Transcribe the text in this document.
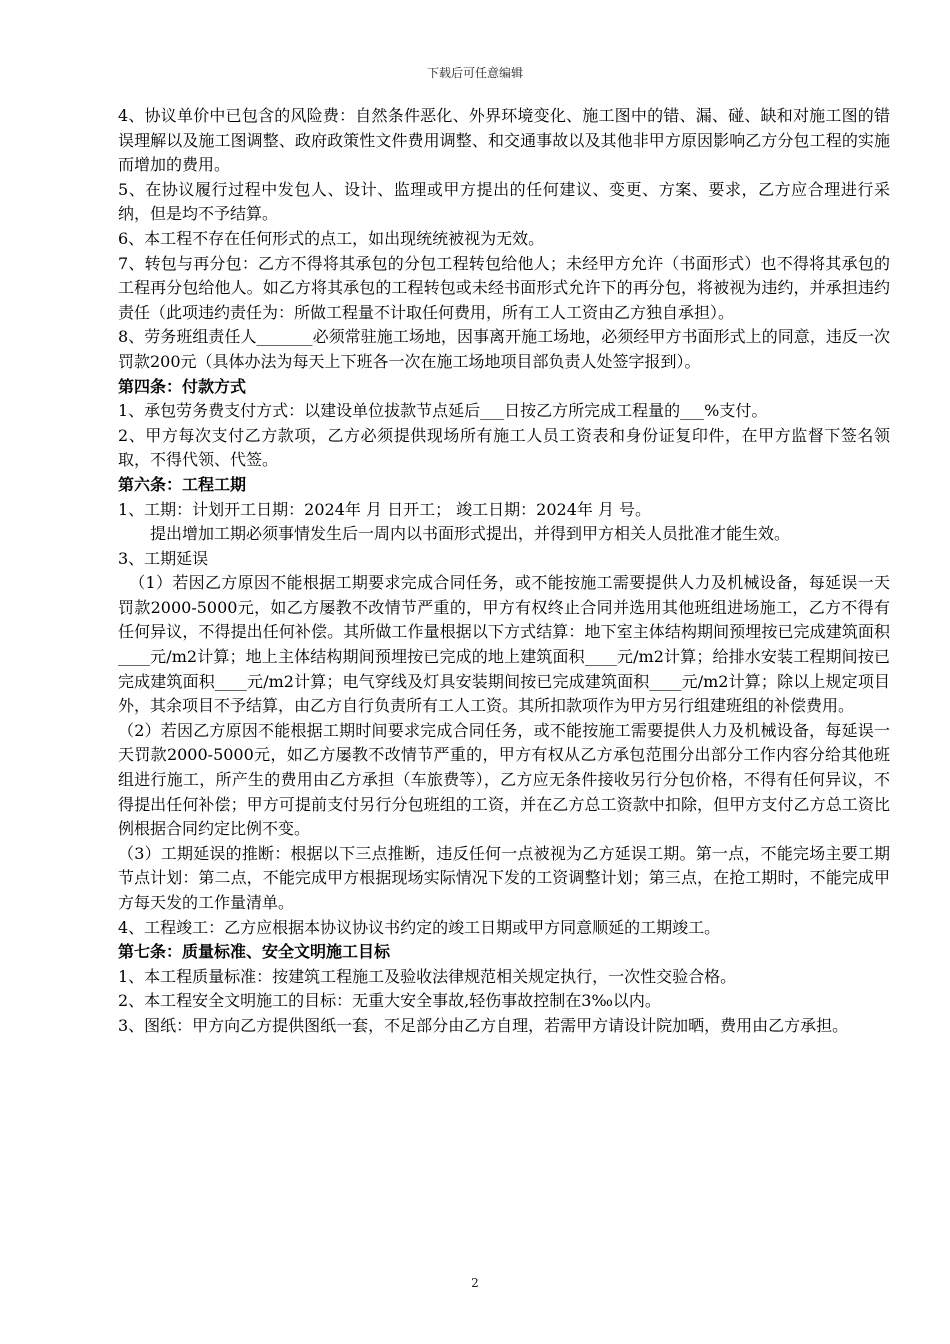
下载后可任意编辑

4、协议单价中已包含的风险费：自然条件恶化、外界环境变化、施工图中的错、漏、碰、缺和对施工图的错误理解以及施工图调整、政府政策性文件费用调整、和交通事故以及其他非甲方原因影响乙方分包工程的实施而增加的费用。

5、在协议履行过程中发包人、设计、监理或甲方提出的任何建议、变更、方案、要求，乙方应合理进行采纳，但是均不予结算。

6、本工程不存在任何形式的点工，如出现统统被视为无效。

7、转包与再分包：乙方不得将其承包的分包工程转包给他人；未经甲方允许（书面形式）也不得将其承包的工程再分包给他人。如乙方将其承包的工程转包或未经书面形式允许下的再分包，将被视为违约，并承担违约责任（此项违约责任为：所做工程量不计取任何费用，所有工人工资由乙方独自承担）。

8、劳务班组责任人_______必须常驻施工场地，因事离开施工场地，必须经甲方书面形式上的同意，违反一次罚款200元（具体办法为每天上下班各一次在施工场地项目部负责人处签字报到）。

第四条：付款方式

1、承包劳务费支付方式：以建设单位拔款节点延后___日按乙方所完成工程量的___%支付。

2、甲方每次支付乙方款项，乙方必须提供现场所有施工人员工资表和身份证复印件，在甲方监督下签名领取，不得代领、代签。

第六条：工程工期

1、工期：计划开工日期：2024年 月 日开工； 竣工日期：2024年 月 号。

提出增加工期必须事情发生后一周内以书面形式提出，并得到甲方相关人员批准才能生效。

3、工期延误

（1）若因乙方原因不能根据工期要求完成合同任务，或不能按施工需要提供人力及机械设备，每延误一天罚款2000-5000元，如乙方屡教不改情节严重的，甲方有权终止合同并选用其他班组进场施工，乙方不得有任何异议，不得提出任何补偿。其所做工作量根据以下方式结算：地下室主体结构期间预埋按已完成建筑面积____元/m2计算；地上主体结构期间预埋按已完成的地上建筑面积____元/m2计算；给排水安装工程期间按已完成建筑面积____元/m2计算；电气穿线及灯具安装期间按已完成建筑面积____元/m2计算；除以上规定项目外，其余项目不予结算，由乙方自行负责所有工人工资。其所扣款项作为甲方另行组建班组的补偿费用。

（2）若因乙方原因不能根据工期时间要求完成合同任务，或不能按施工需要提供人力及机械设备，每延误一天罚款2000-5000元，如乙方屡教不改情节严重的，甲方有权从乙方承包范围分出部分工作内容分给其他班组进行施工，所产生的费用由乙方承担（车旅费等），乙方应无条件接收另行分包价格，不得有任何异议，不得提出任何补偿；甲方可提前支付另行分包班组的工资，并在乙方总工资款中扣除，但甲方支付乙方总工资比例根据合同约定比例不变。

（3）工期延误的推断：根据以下三点推断，违反任何一点被视为乙方延误工期。第一点，不能完场主要工期节点计划：第二点，不能完成甲方根据现场实际情况下发的工资调整计划；第三点，在抢工期时，不能完成甲方每天发的工作量清单。

4、工程竣工：乙方应根据本协议协议书约定的竣工日期或甲方同意顺延的工期竣工。

第七条：质量标准、安全文明施工目标

1、本工程质量标准：按建筑工程施工及验收法律规范相关规定执行，一次性交验合格。

2、本工程安全文明施工的目标：无重大安全事故,轻伤事故控制在3‰以内。

3、图纸：甲方向乙方提供图纸一套，不足部分由乙方自理，若需甲方请设计院加晒，费用由乙方承担。

2
